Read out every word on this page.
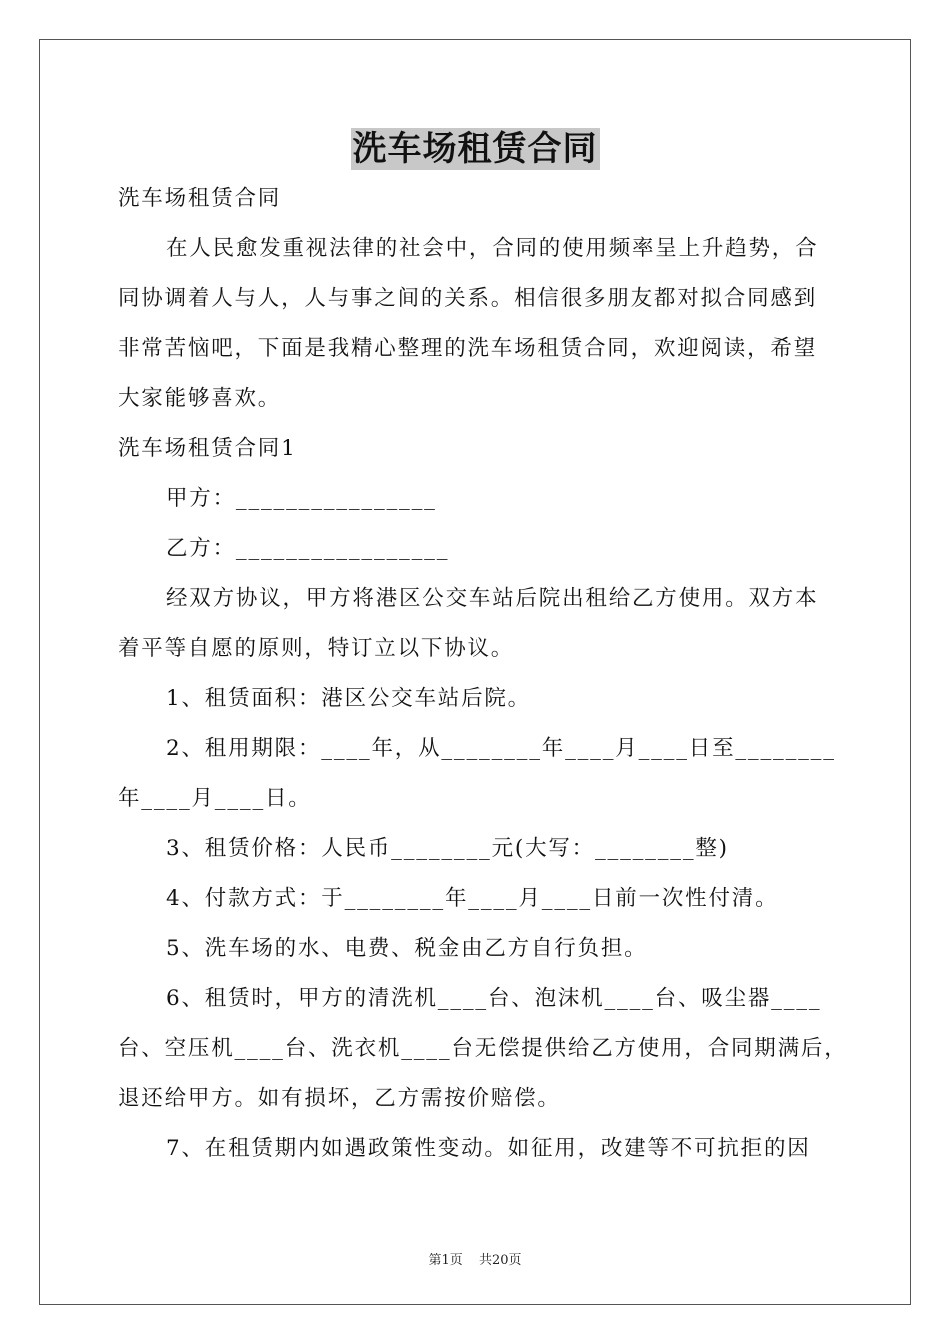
洗车场租赁合同
洗车场租赁合同
在人民愈发重视法律的社会中，合同的使用频率呈上升趋势，合
同协调着人与人，人与事之间的关系。相信很多朋友都对拟合同感到
非常苦恼吧，下面是我精心整理的洗车场租赁合同，欢迎阅读，希望
大家能够喜欢。
洗车场租赁合同1
甲方：________________
乙方：_________________
经双方协议，甲方将港区公交车站后院出租给乙方使用。双方本
着平等自愿的原则，特订立以下协议。
1、租赁面积：港区公交车站后院。
2、租用期限：____年，从________年____月____日至________
年____月____日。
3、租赁价格：人民币________元(大写：________整)
4、付款方式：于________年____月____日前一次性付清。
5、洗车场的水、电费、税金由乙方自行负担。
6、租赁时，甲方的清洗机____台、泡沫机____台、吸尘器____
台、空压机____台、洗衣机____台无偿提供给乙方使用，合同期满后，
退还给甲方。如有损坏，乙方需按价赔偿。
7、在租赁期内如遇政策性变动。如征用，改建等不可抗拒的因
第1页 共20页
